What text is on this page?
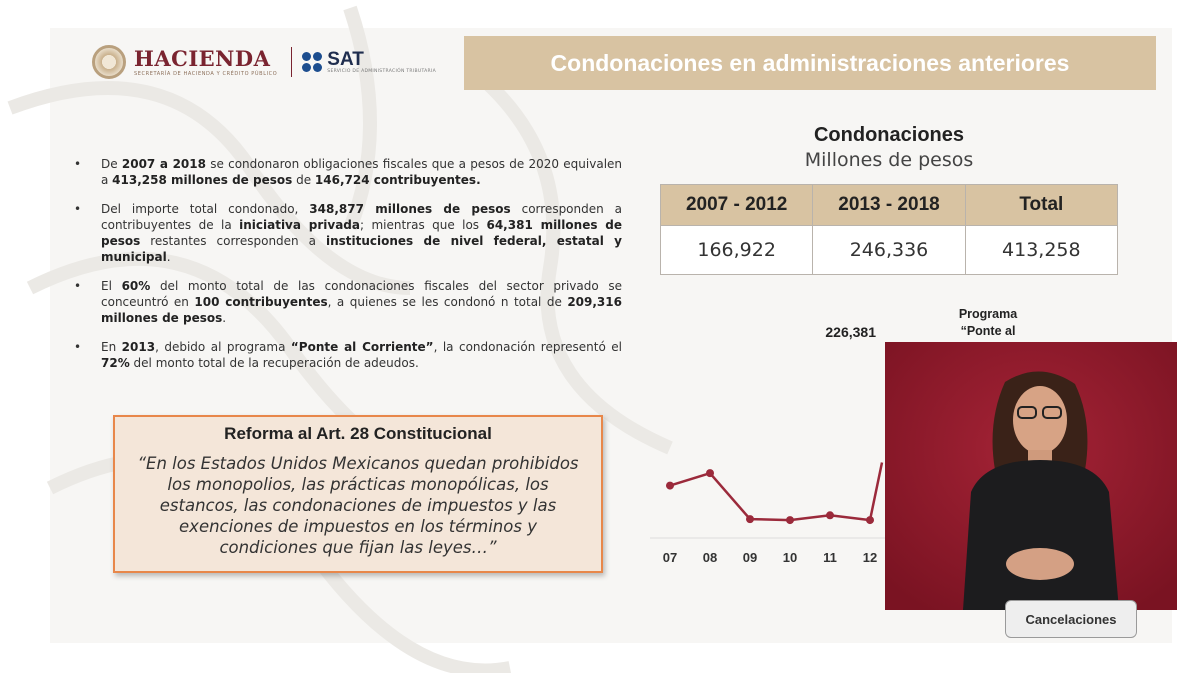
HACIENDA
SECRETARÍA DE HACIENDA Y CRÉDITO PÚBLICO
SAT
SERVICIO DE ADMINISTRACIÓN TRIBUTARIA	Condonaciones en administraciones anteriores
• De 2007 a 2018 se condonaron obligaciones fiscales que a pesos de 2020 equivalen a 413,258 millones de pesos de 146,724 contribuyentes.
• Del importe total condonado, 348,877 millones de pesos corresponden a contribuyentes de la iniciativa privada; mientras que los 64,381 millones de pesos restantes corresponden a instituciones de nivel federal, estatal y municipal.
• El 60% del monto total de las condonaciones fiscales del sector privado se conceuntró en 100 contribuyentes, a quienes se les condonó n total de 209,316 millones de pesos.
• En 2013, debido al programa “Ponte al Corriente”, la condonación representó el 72% del monto total de la recuperación de adeudos.
Reforma al Art. 28 Constitucional
“En los Estados Unidos Mexicanos quedan prohibidos los monopolios, las prácticas monopólicas, los estancos, las condonaciones de impuestos y las exenciones de impuestos en los términos y condiciones que fijan las leyes…”
Condonaciones
Millones de pesos
2007 - 2012	2013 - 2018	Total
166,922	246,336	413,258
07 08 09 10 11 12
226,381
Programa
“Ponte al
Cancelaciones
